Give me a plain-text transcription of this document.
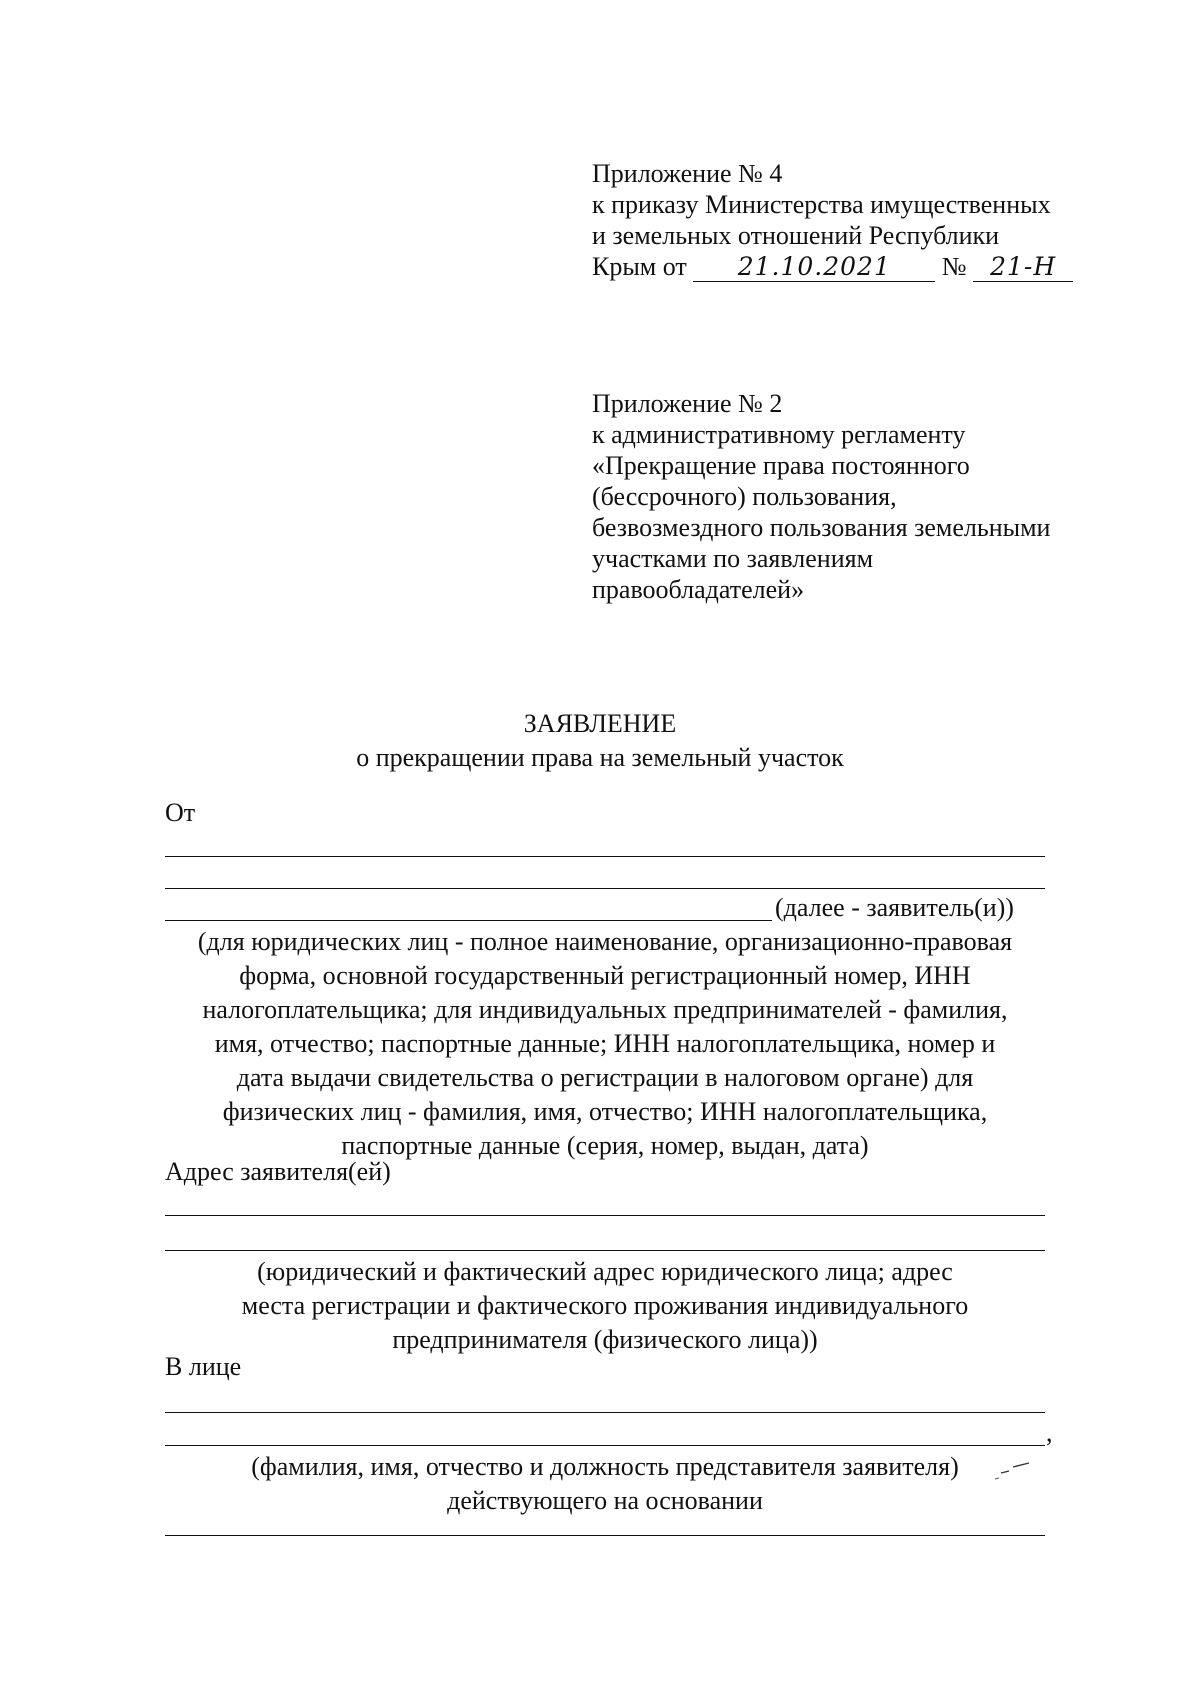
Приложение № 4
к приказу Министерства имущественных
и земельных отношений Республики
Крым от 21.10.2021 № 21-Н
Приложение № 2
к административному регламенту
«Прекращение права постоянного
(бессрочного) пользования,
безвозмездного пользования земельными
участками по заявлениям
правообладателей»
ЗАЯВЛЕНИЕ
о прекращении права на земельный участок
От
(далее - заявитель(и))
(для юридических лиц - полное наименование, организационно-правовая
форма, основной государственный регистрационный номер, ИНН
налогоплательщика; для индивидуальных предпринимателей - фамилия,
имя, отчество; паспортные данные; ИНН налогоплательщика, номер и
дата выдачи свидетельства о регистрации в налоговом органе) для
физических лиц - фамилия, имя, отчество; ИНН налогоплательщика,
паспортные данные (серия, номер, выдан, дата)
Адрес заявителя(ей)
(юридический и фактический адрес юридического лица; адрес
места регистрации и фактического проживания индивидуального
предпринимателя (физического лица))
В лице
,
(фамилия, имя, отчество и должность представителя заявителя)
действующего на основании
